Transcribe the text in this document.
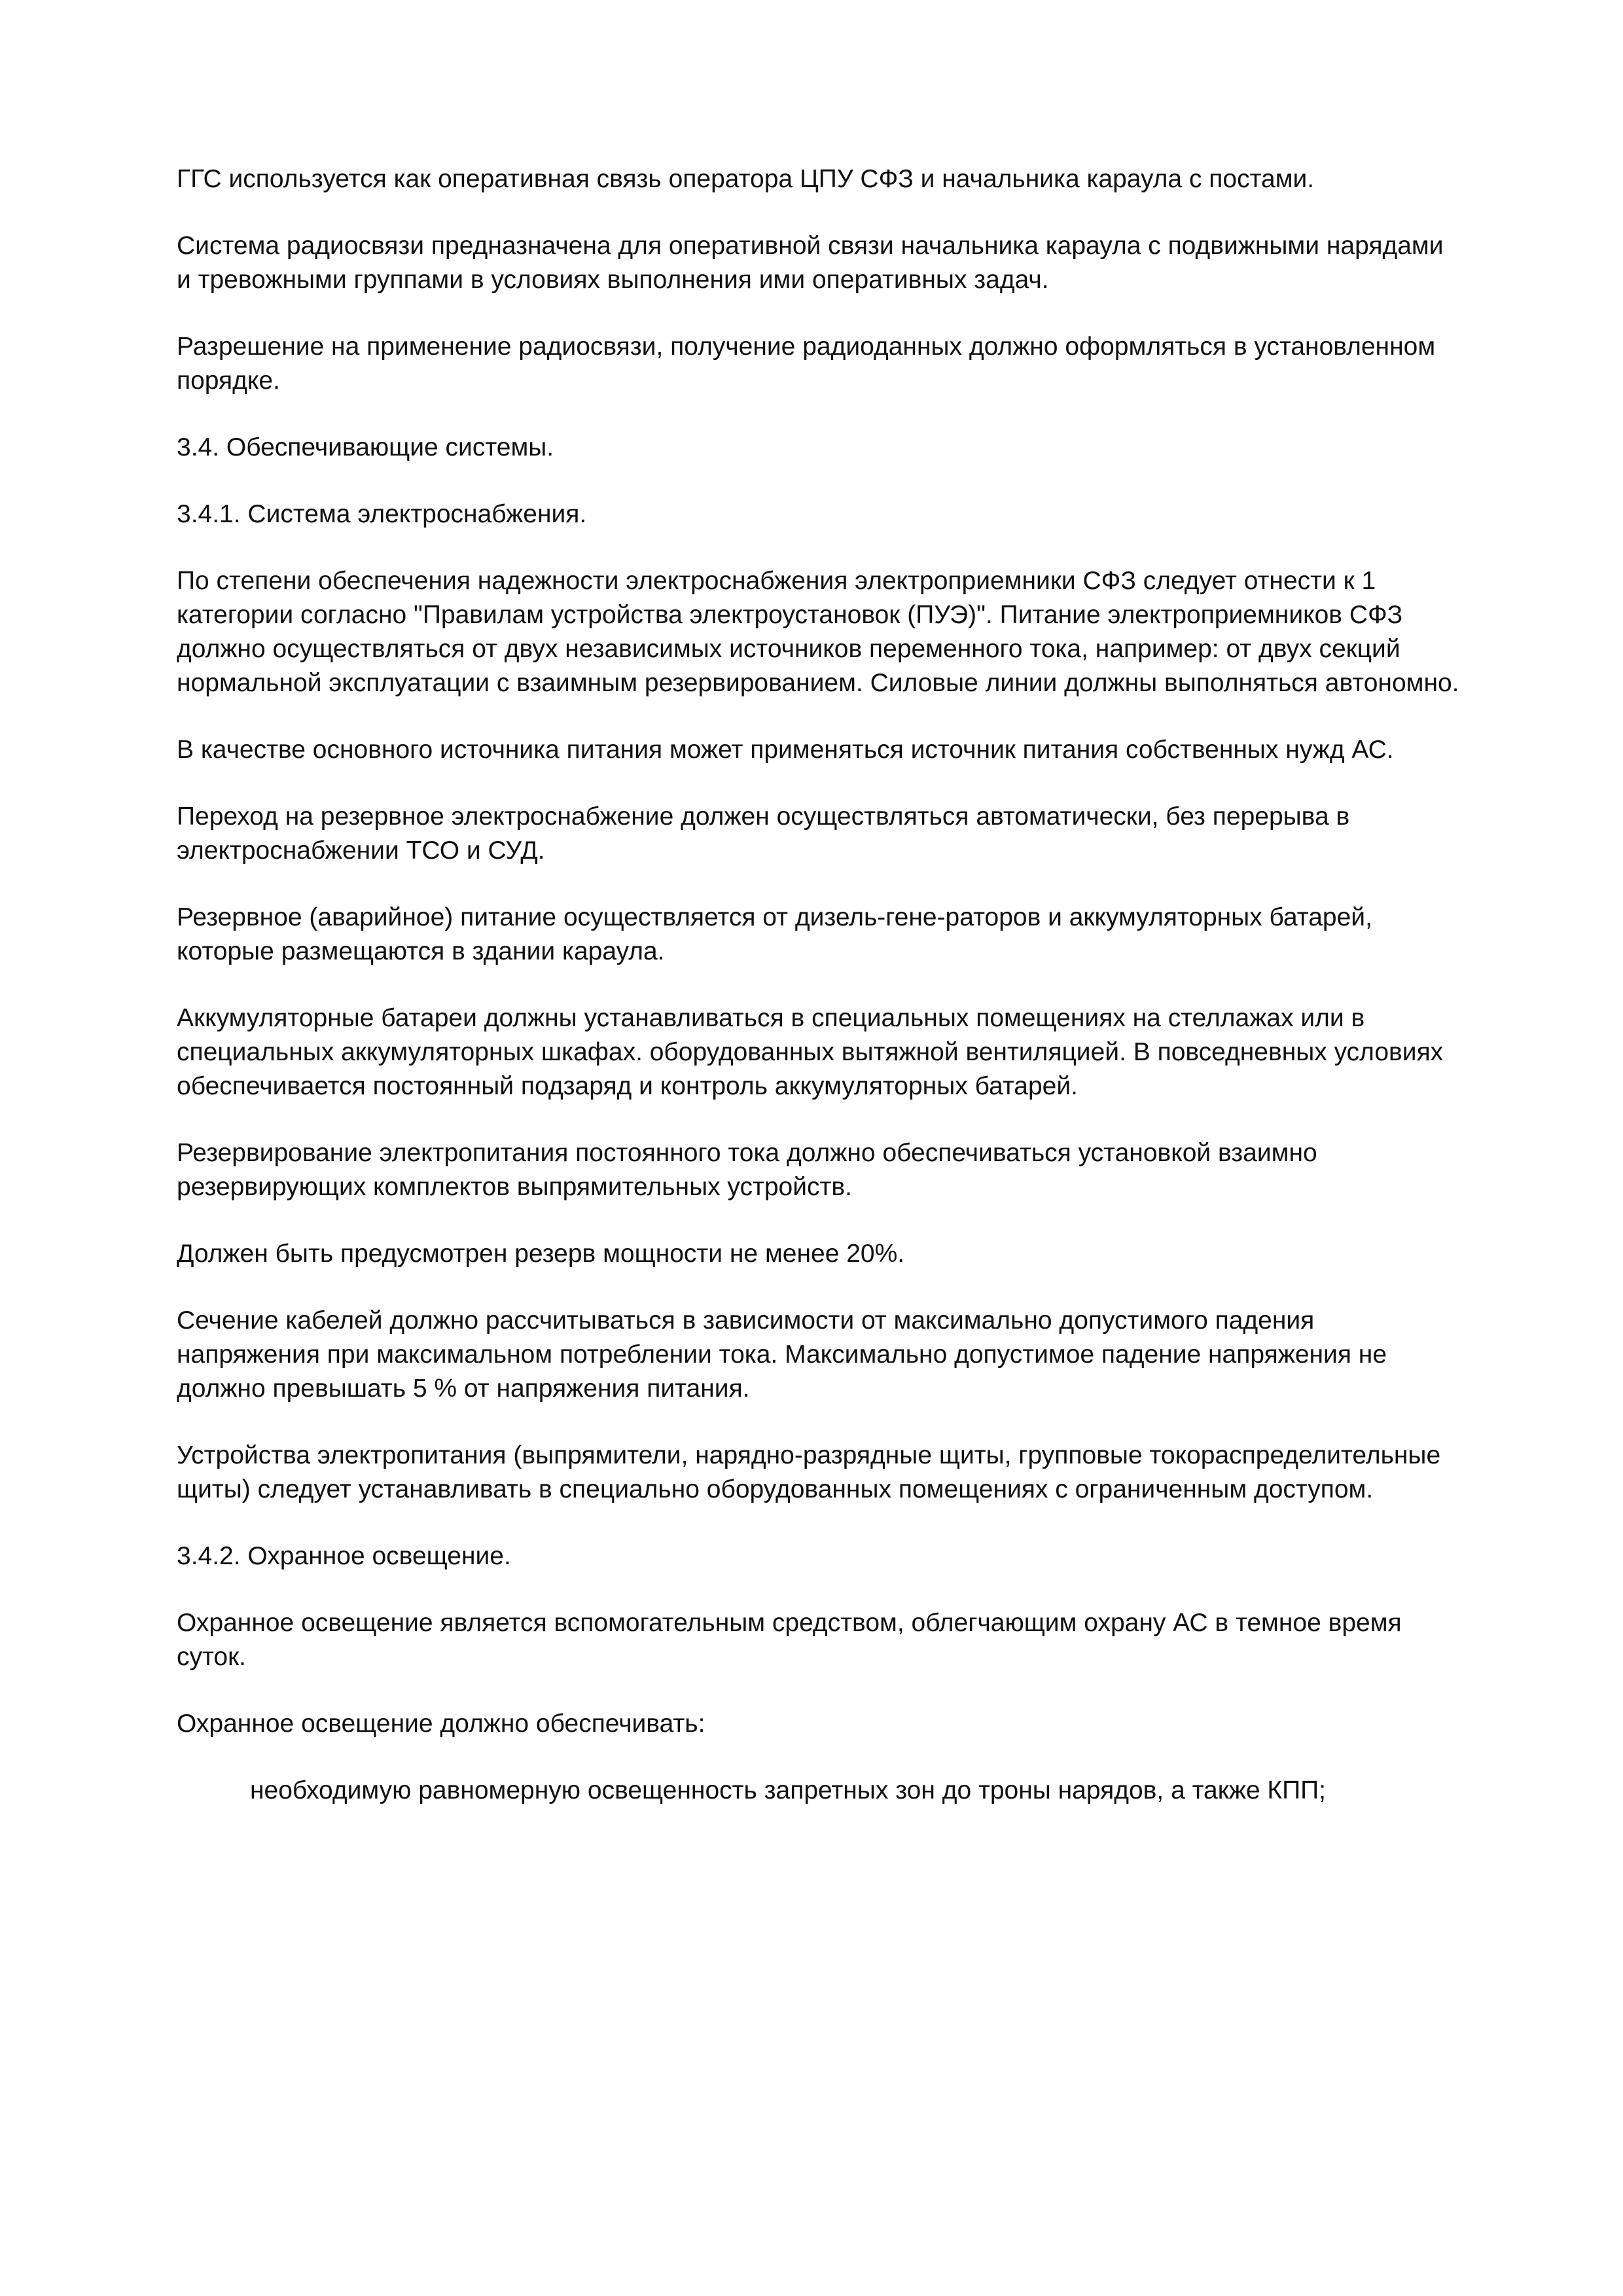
ГГС используется как оперативная связь оператора ЦПУ СФЗ и начальника караула с постами.

Система радиосвязи предназначена для оперативной связи начальника караула с подвижными нарядами и тревожными группами в условиях выполнения ими оперативных задач.

Разрешение на применение радиосвязи, получение радиоданных должно оформляться в установленном порядке.

3.4. Обеспечивающие системы.

3.4.1. Система электроснабжения.

По степени обеспечения надежности электроснабжения электроприемники СФЗ следует отнести к 1 категории согласно "Правилам устройства электроустановок (ПУЭ)". Питание электроприемников СФЗ должно осуществляться от двух независимых источников переменного тока, например: от двух секций нормальной эксплуатации с взаимным резервированием. Силовые линии должны выполняться автономно.

В качестве основного источника питания может применяться источник питания собственных нужд АС.

Переход на резервное электроснабжение должен осуществляться автоматически, без перерыва в электроснабжении ТСО и СУД.

Резервное (аварийное) питание осуществляется от дизель-гене-раторов и аккумуляторных батарей, которые размещаются в здании караула.

Аккумуляторные батареи должны устанавливаться в специальных помещениях на стеллажах или в специальных аккумуляторных шкафах. оборудованных вытяжной вентиляцией. В повседневных условиях обеспечивается постоянный подзаряд и контроль аккумуляторных батарей.

Резервирование электропитания постоянного тока должно обеспечиваться установкой взаимно резервирующих комплектов выпрямительных устройств.

Должен быть предусмотрен резерв мощности не менее 20%.

Сечение кабелей должно рассчитываться в зависимости от максимально допустимого падения напряжения при максимальном потреблении тока. Максимально допустимое падение напряжения не должно превышать 5 % от напряжения питания.

Устройства электропитания (выпрямители, нарядно-разрядные щиты, групповые токораспределительные щиты) следует устанавливать в специально оборудованных помещениях с ограниченным доступом.

3.4.2. Охранное освещение.

Охранное освещение является вспомогательным средством, облегчающим охрану АС в темное время суток.

Охранное освещение должно обеспечивать:

необходимую равномерную освещенность запретных зон до троны нарядов, а также КПП;
